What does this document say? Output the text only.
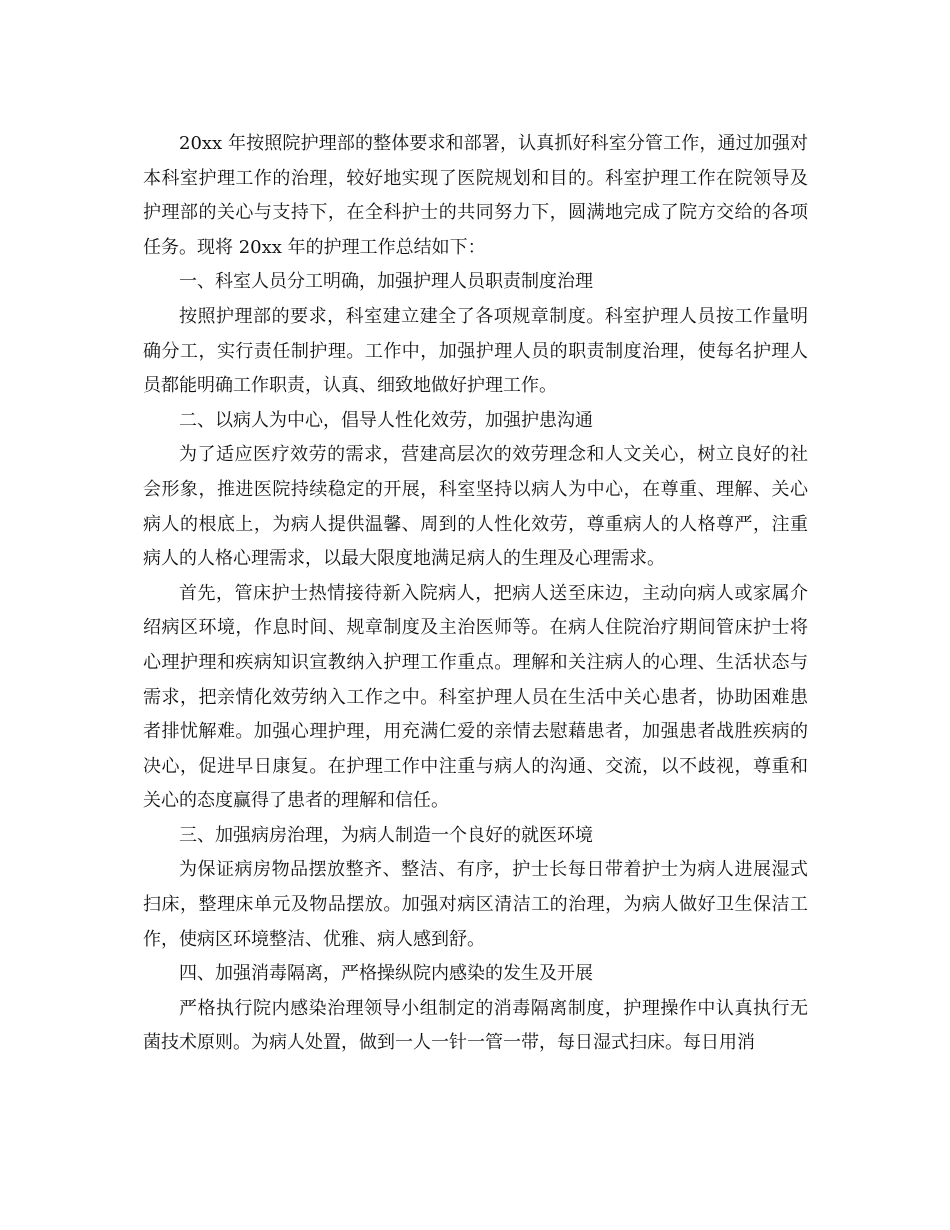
20xx 年按照院护理部的整体要求和部署，认真抓好科室分管工作，通过加强对本科室护理工作的治理，较好地实现了医院规划和目的。科室护理工作在院领导及护理部的关心与支持下，在全科护士的共同努力下，圆满地完成了院方交给的各项任务。现将 20xx 年的护理工作总结如下：

一、科室人员分工明确，加强护理人员职责制度治理

按照护理部的要求，科室建立建全了各项规章制度。科室护理人员按工作量明确分工，实行责任制护理。工作中，加强护理人员的职责制度治理，使每名护理人员都能明确工作职责，认真、细致地做好护理工作。

二、以病人为中心，倡导人性化效劳，加强护患沟通

为了适应医疗效劳的需求，营建高层次的效劳理念和人文关心，树立良好的社会形象，推进医院持续稳定的开展，科室坚持以病人为中心，在尊重、理解、关心病人的根底上，为病人提供温馨、周到的人性化效劳，尊重病人的人格尊严，注重病人的人格心理需求，以最大限度地满足病人的生理及心理需求。

首先，管床护士热情接待新入院病人，把病人送至床边，主动向病人或家属介绍病区环境，作息时间、规章制度及主治医师等。在病人住院治疗期间管床护士将心理护理和疾病知识宣教纳入护理工作重点。理解和关注病人的心理、生活状态与需求，把亲情化效劳纳入工作之中。科室护理人员在生活中关心患者，协助困难患者排忧解难。加强心理护理，用充满仁爱的亲情去慰藉患者，加强患者战胜疾病的决心，促进早日康复。在护理工作中注重与病人的沟通、交流，以不歧视，尊重和关心的态度赢得了患者的理解和信任。

三、加强病房治理，为病人制造一个良好的就医环境

为保证病房物品摆放整齐、整洁、有序，护士长每日带着护士为病人进展湿式扫床，整理床单元及物品摆放。加强对病区清洁工的治理，为病人做好卫生保洁工作，使病区环境整洁、优雅、病人感到舒。

四、加强消毒隔离，严格操纵院内感染的发生及开展

严格执行院内感染治理领导小组制定的消毒隔离制度，护理操作中认真执行无菌技术原则。为病人处置，做到一人一针一管一带，每日湿式扫床。每日用消
